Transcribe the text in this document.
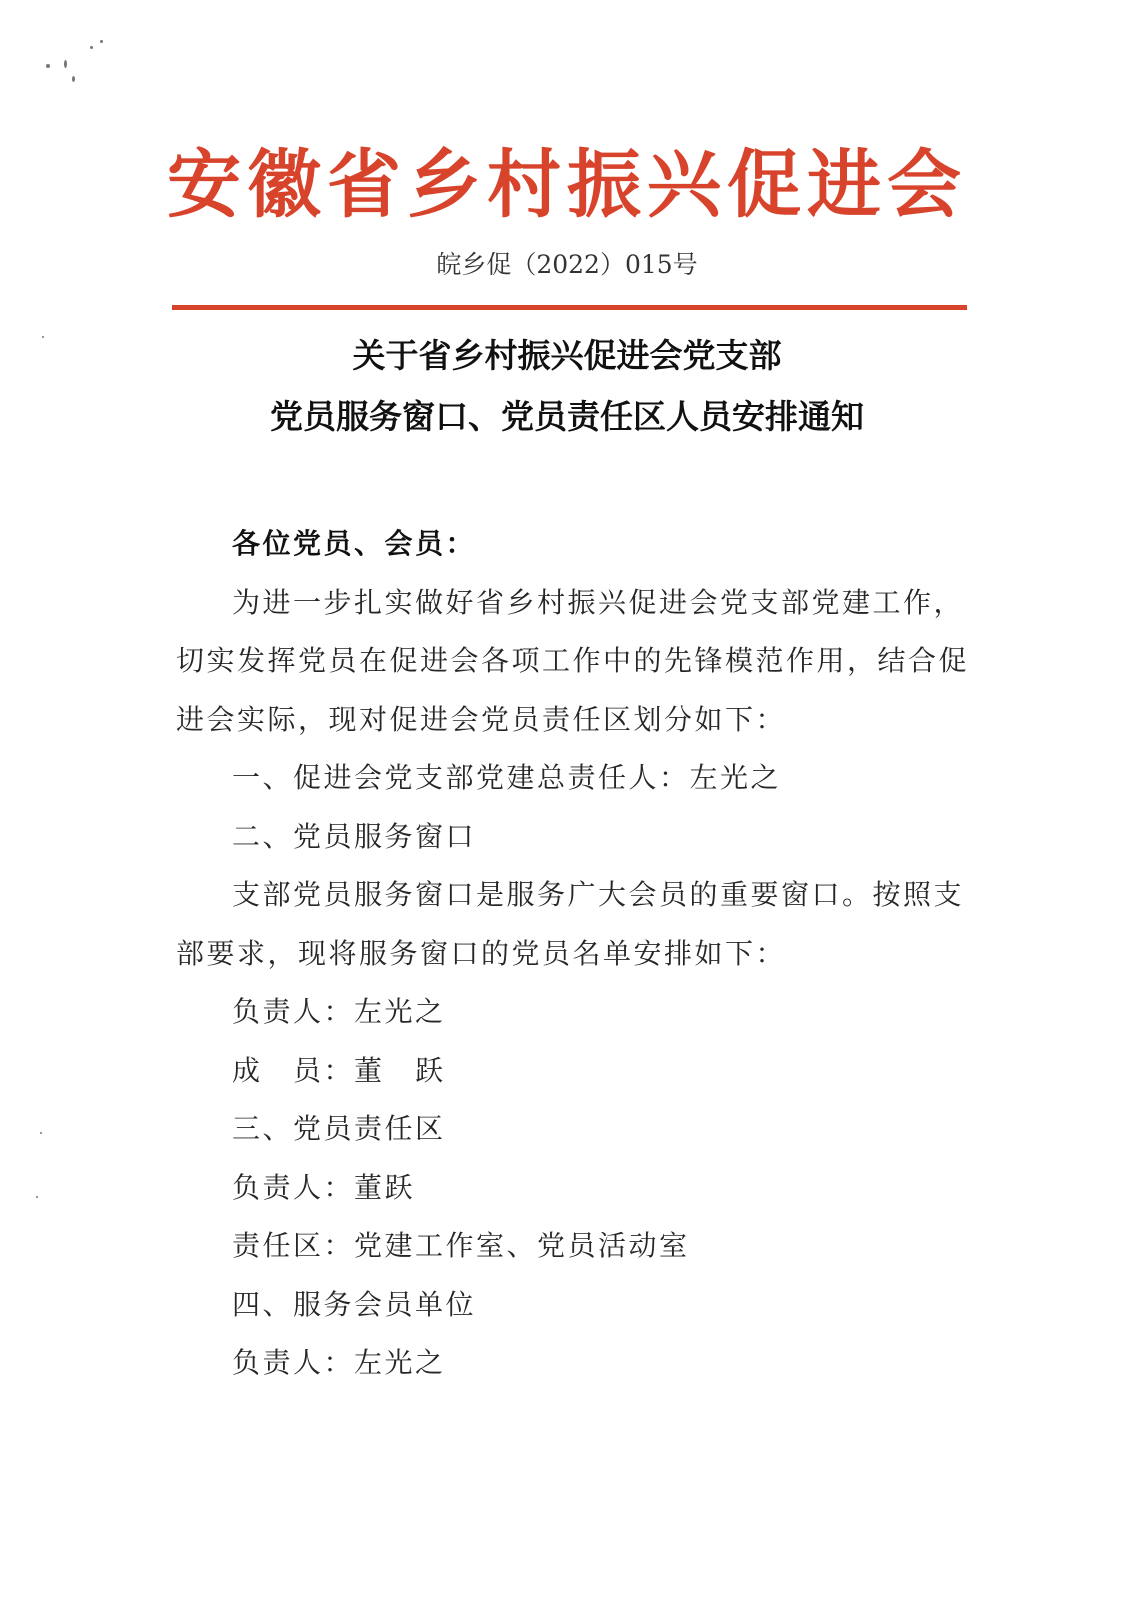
安徽省乡村振兴促进会
皖乡促（2022）015号
关于省乡村振兴促进会党支部
党员服务窗口、党员责任区人员安排通知
各位党员、会员：
为进一步扎实做好省乡村振兴促进会党支部党建工作，
切实发挥党员在促进会各项工作中的先锋模范作用，结合促
进会实际，现对促进会党员责任区划分如下：
一、促进会党支部党建总责任人：左光之
二、党员服务窗口
支部党员服务窗口是服务广大会员的重要窗口。按照支
部要求，现将服务窗口的党员名单安排如下：
负责人：左光之
成　员：董　跃
三、党员责任区
负责人：董跃
责任区：党建工作室、党员活动室
四、服务会员单位
负责人：左光之
